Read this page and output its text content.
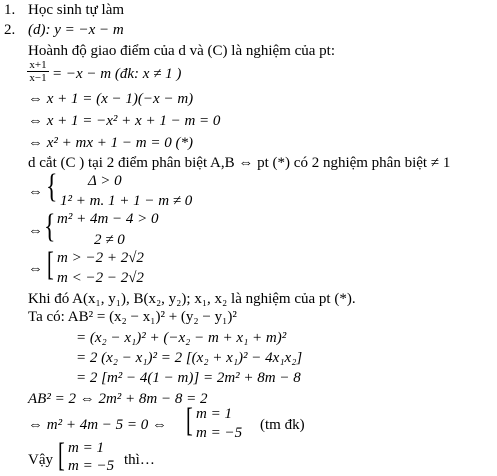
1. Học sinh tự làm
2. (d): y = −x − m
Hoành độ giao điểm của d và (C) là nghiệm của pt:
$\frac{x+1}{x-1} = -x - m$ (đk: x ≠ 1 )
⇔ x + 1 = (x − 1)(−x − m)
⇔ x + 1 = −x² + x + 1 − m = 0
⇔ x² + mx + 1 − m = 0 (*)
d cắt (C ) tại 2 điểm phân biệt A,B ⇔ pt (*) có 2 nghiệm phân biệt ≠ 1
⇔ { Δ > 0
1² + m. 1 + 1 − m ≠ 0
⇔ { m² + 4m − 4 > 0
2 ≠ 0
⇔ [ m > −2 + 2√2
m < −2 − 2√2
Khi đó A(x₁, y₁), B(x₂, y₂); x₁, x₂ là nghiệm của pt (*).
Ta có: AB² = (x₂ − x₁)² + (y₂ − y₁)²
= (x₂ − x₁)² + (−x₂ − m + x₁ + m)²
= 2 (x₂ − x₁)² = 2 [(x₂ + x₁)² − 4x₁x₂]
= 2 [m² − 4(1 − m)] = 2m² + 8m − 8
AB² = 2 ⇔ 2m² + 8m − 8 = 2
⇔ m² + 4m − 5 = 0 ⇔ [ m = 1
m = −5 (tm đk)
Vậy [ m = 1
m = −5 thì…
